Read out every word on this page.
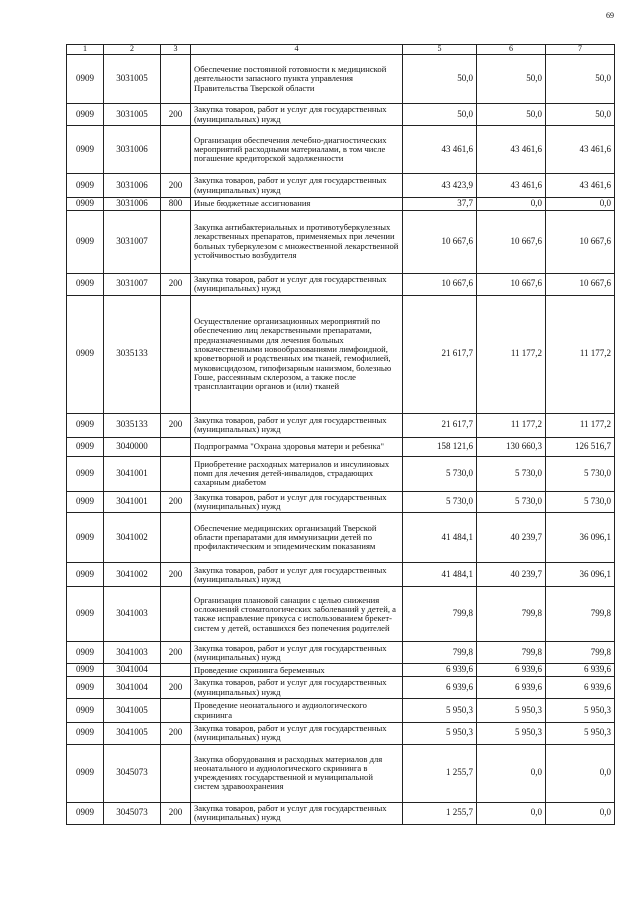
69
1	2	3	4	5	6	7
0909	3031005		Обеспечение постоянной готовности к медицинской деятельности запасного пункта управления Правительства Тверской области	50,0	50,0	50,0
0909	3031005	200	Закупка товаров, работ и услуг для государственных (муниципальных) нужд	50,0	50,0	50,0
0909	3031006		Организация обеспечения лечебно-диагностических мероприятий расходными материалами, в том числе погашение кредиторской задолженности	43 461,6	43 461,6	43 461,6
0909	3031006	200	Закупка товаров, работ и услуг для государственных (муниципальных) нужд	43 423,9	43 461,6	43 461,6
0909	3031006	800	Иные бюджетные ассигнования	37,7	0,0	0,0
0909	3031007		Закупка антибактериальных и противотуберкулезных лекарственных препаратов, применяемых при лечении больных туберкулезом с множественной лекарственной устойчивостью возбудителя	10 667,6	10 667,6	10 667,6
0909	3031007	200	Закупка товаров, работ и услуг для государственных (муниципальных) нужд	10 667,6	10 667,6	10 667,6
0909	3035133		Осуществление организационных мероприятий по обеспечению лиц лекарственными препаратами, предназначенными для лечения больных злокачественными новообразованиями лимфоидной, кроветворной и родственных им тканей, гемофилией, муковисцидозом, гипофизарным нанизмом, болезнью Гоше, рассеянным склерозом, а также после трансплантации органов и (или) тканей	21 617,7	11 177,2	11 177,2
0909	3035133	200	Закупка товаров, работ и услуг для государственных (муниципальных) нужд	21 617,7	11 177,2	11 177,2
0909	3040000		Подпрограмма "Охрана здоровья матери и ребенка"	158 121,6	130 660,3	126 516,7
0909	3041001		Приобретение расходных материалов и инсулиновых помп для лечения детей-инвалидов, страдающих сахарным диабетом	5 730,0	5 730,0	5 730,0
0909	3041001	200	Закупка товаров, работ и услуг для государственных (муниципальных) нужд	5 730,0	5 730,0	5 730,0
0909	3041002		Обеспечение медицинских организаций Тверской области препаратами для иммунизации детей по профилактическим и эпидемическим показаниям	41 484,1	40 239,7	36 096,1
0909	3041002	200	Закупка товаров, работ и услуг для государственных (муниципальных) нужд	41 484,1	40 239,7	36 096,1
0909	3041003		Организация плановой санации с целью снижения осложнений стоматологических заболеваний у детей, а также исправление прикуса с использованием брекет-систем у детей, оставшихся без попечения родителей	799,8	799,8	799,8
0909	3041003	200	Закупка товаров, работ и услуг для государственных (муниципальных) нужд	799,8	799,8	799,8
0909	3041004		Проведение скрининга беременных	6 939,6	6 939,6	6 939,6
0909	3041004	200	Закупка товаров, работ и услуг для государственных (муниципальных) нужд	6 939,6	6 939,6	6 939,6
0909	3041005		Проведение неонатального и аудиологического скрининга	5 950,3	5 950,3	5 950,3
0909	3041005	200	Закупка товаров, работ и услуг для государственных (муниципальных) нужд	5 950,3	5 950,3	5 950,3
0909	3045073		Закупка оборудования и расходных материалов для неонатального и аудиологического скрининга в учреждениях государственной и муниципальной систем здравоохранения	1 255,7	0,0	0,0
0909	3045073	200	Закупка товаров, работ и услуг для государственных (муниципальных) нужд	1 255,7	0,0	0,0
